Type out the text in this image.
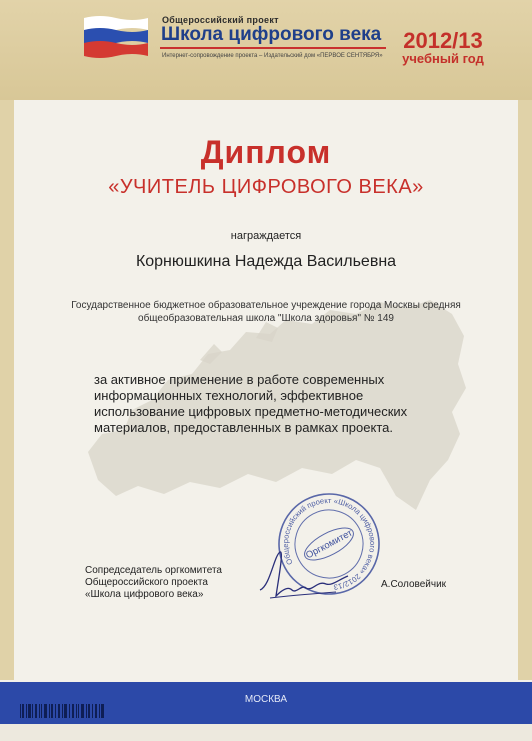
Общероссийский проект
Школа цифрового века
Интернет-сопровождение проекта – Издательский дом «ПЕРВОЕ СЕНТЯБРЯ»
2012/13
учебный год
Диплом
«УЧИТЕЛЬ ЦИФРОВОГО ВЕКА»
награждается
Корнюшкина Надежда Васильевна
Государственное бюджетное образовательное учреждение города Москвы средняя общеобразовательная школа "Школа здоровья" № 149
за активное применение в работе современных информационных технологий, эффективное использование цифровых предметно-методических материалов, предоставленных в рамках проекта.
Сопредседатель оргкомитета
Общероссийского проекта
«Школа цифрового века»
Общероссийский проект «Школа цифрового века» 2012/13
Оргкомитет
А.Соловейчик
МОСКВА
